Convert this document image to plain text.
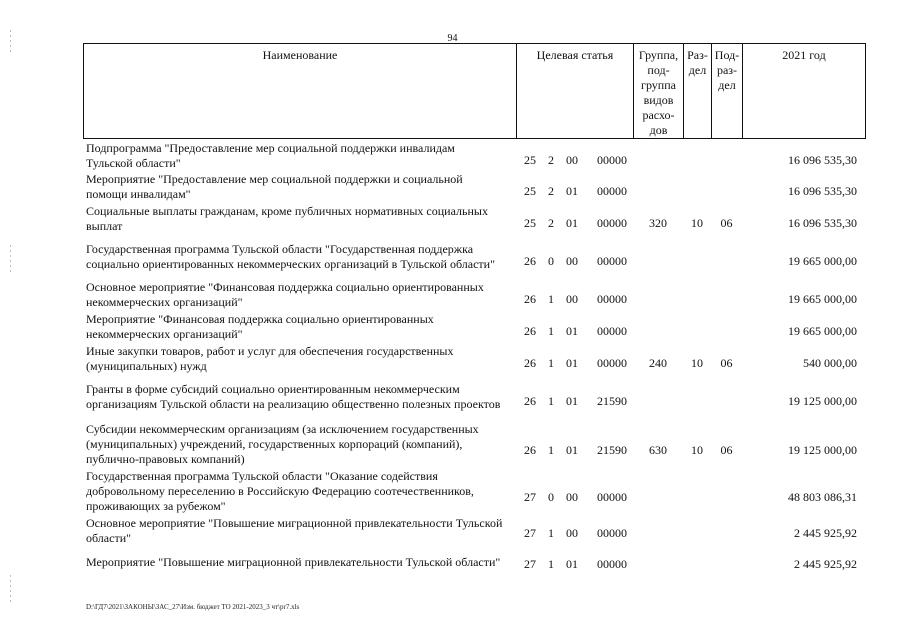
94
Наименование	Целевая статья	Группа,
под-
группа
видов
расхо-
дов
Раз-
дел
Под-
раз-
дел
2021 год
Подпрограмма "Предоставление мер социальной поддержки инвалидам
Тульской области"	25	2	00	00000	16 096 535,30
Мероприятие "Предоставление мер социальной поддержки и социальной
помощи инвалидам"	25	2	01	00000	16 096 535,30
Социальные выплаты гражданам, кроме публичных нормативных социальных
выплат	25	2	01	00000	320	10	06	16 096 535,30
Государственная программа Тульской области "Государственная поддержка
социально ориентированных некоммерческих организаций в Тульской области"	26	0	00	00000	19 665 000,00
Основное мероприятие "Финансовая поддержка социально ориентированных
некоммерческих организаций"	26	1	00	00000	19 665 000,00
Мероприятие "Финансовая поддержка социально ориентированных
некоммерческих организаций"	26	1	01	00000	19 665 000,00
Иные закупки товаров, работ и услуг для обеспечения государственных
(муниципальных) нужд	26	1	01	00000	240	10	06	540 000,00
Гранты в форме субсидий социально ориентированным некоммерческим
организациям Тульской области на реализацию общественно полезных проектов	26	1	01	21590	19 125 000,00
Субсидии некоммерческим организациям (за исключением государственных
(муниципальных) учреждений, государственных корпораций (компаний),
публично-правовых компаний)
26	1	01	21590	630	10	06	19 125 000,00
Государственная программа Тульской области "Оказание содействия
добровольному переселению в Российскую Федерацию соотечественников,
проживающих за рубежом"
27	0	00	00000	48 803 086,31
Основное мероприятие "Повышение миграционной привлекательности Тульской
области"	27	1	00	00000	2 445 925,92
Мероприятие "Повышение миграционной привлекательности Тульской области"	27	1	01	00000	2 445 925,92
D:\ГД7\2021\ЗАКОНЫ\ЗАС_27\Изм. бюджет ТО 2021-2023_3 чт\pr7.xls
